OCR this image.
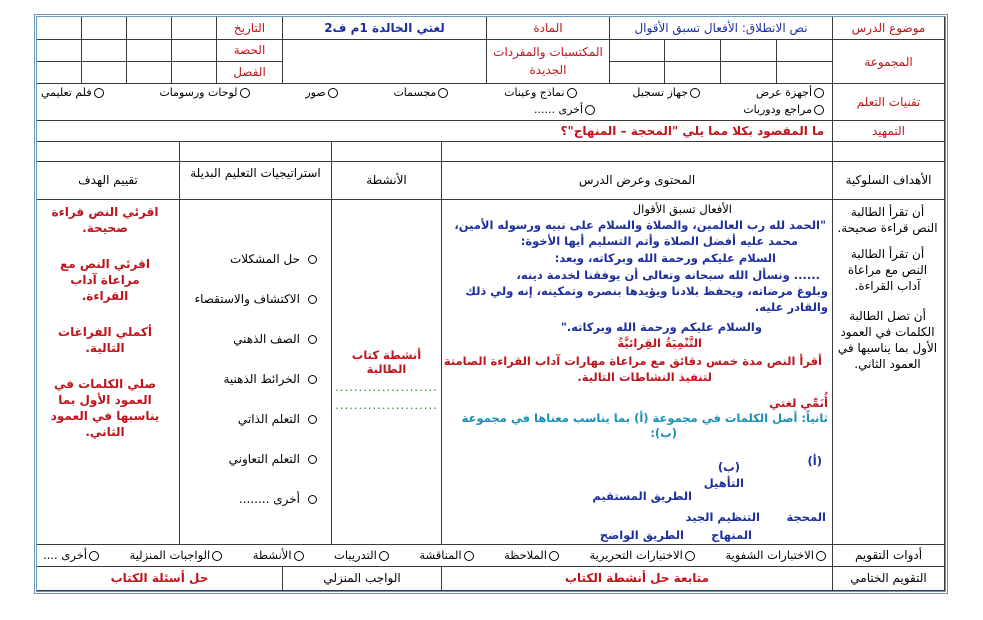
موضوع الدرس
نص الانطلاق: الأفعال تسبق الأقوال
المادة
لغتي الخالدة 1م ف2
التاريخ
المجموعة
المكتسبات والمفردات الجديدة
الحصة
الفصل
تقنيات التعلم
أجهزة عرض
جهاز تسجيل
نماذج وعينات
مجسمات
صور
لوحات ورسومات
فلم تعليمي
مراجع ودوريات
أخرى ......
التمهيد
ما المقصود بكلا مما يلي "المحجة – المنهاج"؟
الأهداف السلوكية
المحتوى وعرض الدرس
الأنشطة
استراتيجيات التعليم البديلة
تقييم الهدف
أن تقرأ الطالبة النص قراءة صحيحة.
أن تقرأ الطالبة النص مع مراعاة آداب القراءة.
أن تصل الطالبة الكلمات في العمود الأول بما يناسبها في العمود الثاني.
الأفعال تسبق الأقوال
"الحمد لله رب العالمين، والصلاة والسلام على نبيه ورسوله الأمين،
محمد عليه أفضل الصلاة وأتم التسليم أيها الأخوة:
السلام عليكم ورحمة الله وبركاته، وبعد:
...... ونسأل الله سبحانه وتعالى أن يوفقنا لخدمة دينه،
وبلوغ مرضاته، ويحفظ بلادنا ويؤيدها بنصره وتمكينه، إنه ولي ذلك
والقادر عليه.
والسلام عليكم ورحمة الله وبركاته."
التَّنْمِيَةُ القِرائيَّةُ
أقرأ النص مدة خمس دقائق مع مراعاة مهارات آداب القراءة الصامتة
لتنفيذ النشاطات التالية.
أُنَمِّي لغتي
ثانياً: أصل الكلمات في مجموعة (أ) بما يناسب معناها في مجموعة
(ب):
(أ)
(ب)
التأهيل
الطريق المستقيم
المحجة
التنظيم الجيد
المنهاج
الطريق الواضح
أنشطة كتاب الطالبة
......................
......................
حل المشكلات
الاكتشاف والاستقصاء
الصف الذهني
الخرائط الذهنية
التعلم الذاتي
التعلم التعاوني
أخرى ........
اقرئي النص قراءة صحيحة.
اقرئي النص مع مراعاة آداب القراءة.
أكملي الفراغات التالية.
صلي الكلمات في العمود الأول بما يناسبها في العمود الثاني.
أدوات التقويم
الاختبارات الشفوية
الاختبارات التحريرية
الملاحظة
المناقشة
التدريبات
الأنشطة
الواجبات المنزلية
أخرى ....
التقويم الختامي
متابعة حل أنشطة الكتاب
الواجب المنزلي
حل أسئلة الكتاب
